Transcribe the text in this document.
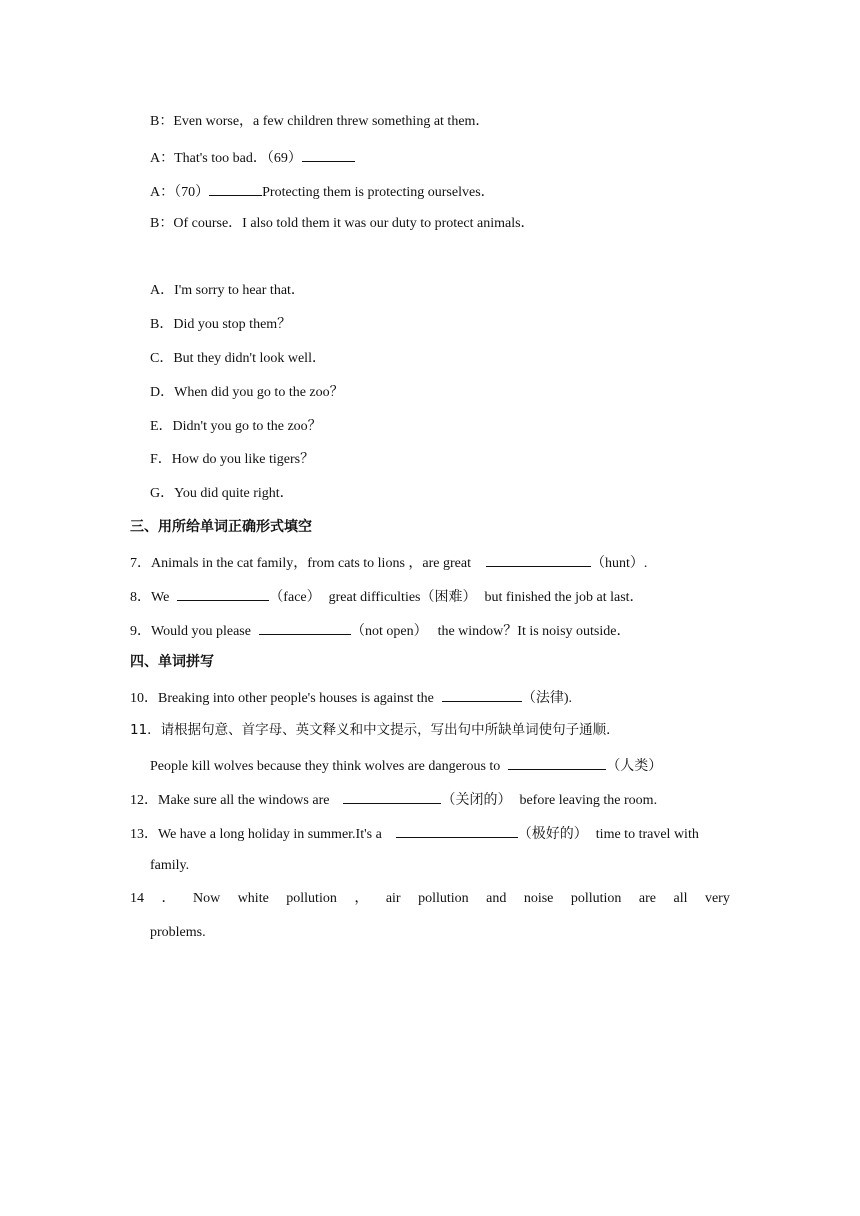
B：Even worse，a few children threw something at them．
A：That's too bad．（69）
A：（70）	Protecting them is protecting ourselves．
B：Of course．I also told them it was our duty to protect animals．
A．I'm sorry to hear that．
B．Did you stop them？
C．But they didn't look well．
D．When did you go to the zoo？
E．Didn't you go to the zoo？
F．How do you like tigers？
G．You did quite right．
三、用所给单词正确形式填空
7．Animals in the cat family，from cats to lions ，are great	（hunt）.
8．We	（face） great difficulties（困难） but finished the job at last．
9．Would you please	（not open） the window？It is noisy outside．
四、单词拼写
10．Breaking into other people's houses is against the	（法律).
11．请根据句意、首字母、英文释义和中文提示，写出句中所缺单词使句子通顺．
People kill wolves because they think wolves are dangerous to	（人类）
12．Make sure all the windows are	（关闭的） before leaving the room.
13．We have a long holiday in summer.It's a	（极好的） time to travel with
family.
14 ． Now white pollution ， air pollution and noise pollution are all very
problems.
